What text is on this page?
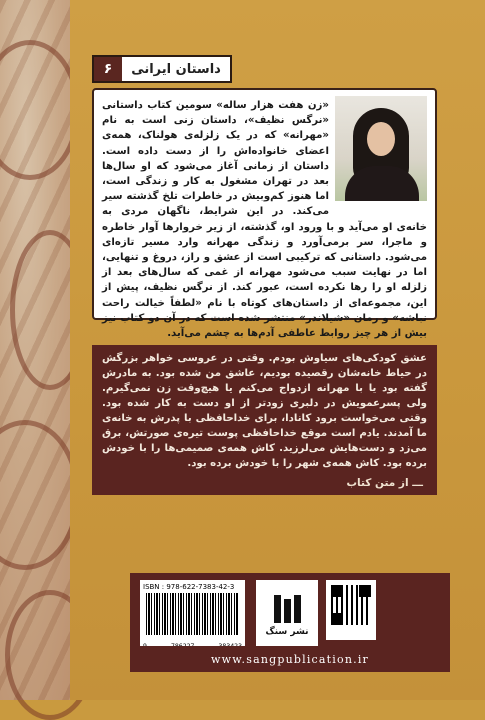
داستان ایرانی
۶
«زن هفت هزار ساله» سومین کتاب داستانی «نرگس نظیف»، داستان زنی است به نام «مهرانه» که در یک زلزله‌ی هولناک، همه‌ی اعضای خانواده‌اش را از دست داده است. داستان از زمانی آغاز می‌شود که او سال‌ها بعد در تهران مشغول به کار و زندگی است، اما هنوز کم‌وبیش در خاطرات تلخ گذشته سیر می‌کند. در این شرایط، ناگهان مردی به خانه‌ی او می‌آید و با ورود او، گذشته، از زیر خروارها آوار خاطره و ماجرا، سر برمی‌آورد و زندگی مهرانه وارد مسیر تازه‌ای می‌شود. داستانی که ترکیبی است از عشق و راز، دروغ و تنهایی، اما در نهایت سبب می‌شود مهرانه از غمی که سال‌های بعد از زلزله او را رها نکرده است، عبور کند. از نرگس نظیف، پیش از این، مجموعه‌ای از داستان‌های کوتاه با نام «لطفاً خیالت راحت نباشه» و رمان «شیلاندر» منتشر شده است که در آن دو کتاب نیز بیش از هر چیز روابط عاطفی آدم‌ها به چشم می‌آید.
عشق کودکی‌های سیاوش بودم. وقتی در عروسی خواهر بزرگش در حیاط خانه‌شان رقصیده بودیم، عاشق من شده بود. به مادرش گفته بود یا با مهرانه ازدواج می‌کنم یا هیچ‌وقت زن نمی‌گیرم. ولی پسرعمویش در دلبری زودتر از او دست به کار شده بود. وقتی می‌خواست برود کانادا، برای خداحافظی با پدرش به خانه‌ی ما آمدند. یادم است موقع خداحافظی پوست تیره‌ی صورتش، برق می‌زد و دست‌هایش می‌لرزید. کاش همه‌ی صمیمی‌ها را با خودش برده بود. کاش همه‌ی شهر را با خودش برده بود.
ـــ از متن کتاب
ISBN : 978-622-7383-42-3
نشر سنگ
www.sangpublication.ir
